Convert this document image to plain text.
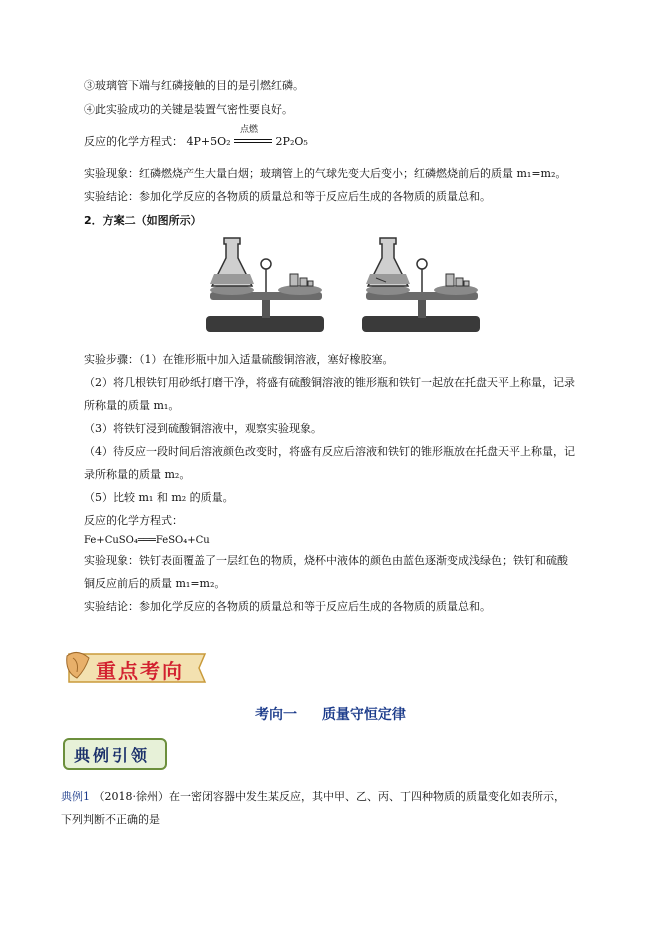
③玻璃管下端与红磷接触的目的是引燃红磷。
④此实验成功的关键是装置气密性要良好。
反应的化学方程式： 4P+5O₂
点燃
2P₂O₅
实验现象：红磷燃烧产生大量白烟；玻璃管上的气球先变大后变小；红磷燃烧前后的质量 m₁=m₂。
实验结论：参加化学反应的各物质的质量总和等于反应后生成的各物质的质量总和。
2．方案二（如图所示）
实验步骤：（1）在锥形瓶中加入适量硫酸铜溶液，塞好橡胶塞。
（2）将几根铁钉用砂纸打磨干净，将盛有硫酸铜溶液的锥形瓶和铁钉一起放在托盘天平上称量，记录
所称量的质量 m₁。
（3）将铁钉浸到硫酸铜溶液中，观察实验现象。
（4）待反应一段时间后溶液颜色改变时，将盛有反应后溶液和铁钉的锥形瓶放在托盘天平上称量，记
录所称量的质量 m₂。
（5）比较 m₁ 和 m₂ 的质量。
反应的化学方程式：
Fe+CuSO₄═══FeSO₄+Cu
实验现象：铁钉表面覆盖了一层红色的物质，烧杯中液体的颜色由蓝色逐渐变成浅绿色；铁钉和硫酸
铜反应前后的质量 m₁=m₂。
实验结论：参加化学反应的各物质的质量总和等于反应后生成的各物质的质量总和。
重点考向
考向一 质量守恒定律
典例引领
典例1 （2018·徐州）在一密闭容器中发生某反应，其中甲、乙、丙、丁四种物质的质量变化如表所示，
下列判断不正确的是
